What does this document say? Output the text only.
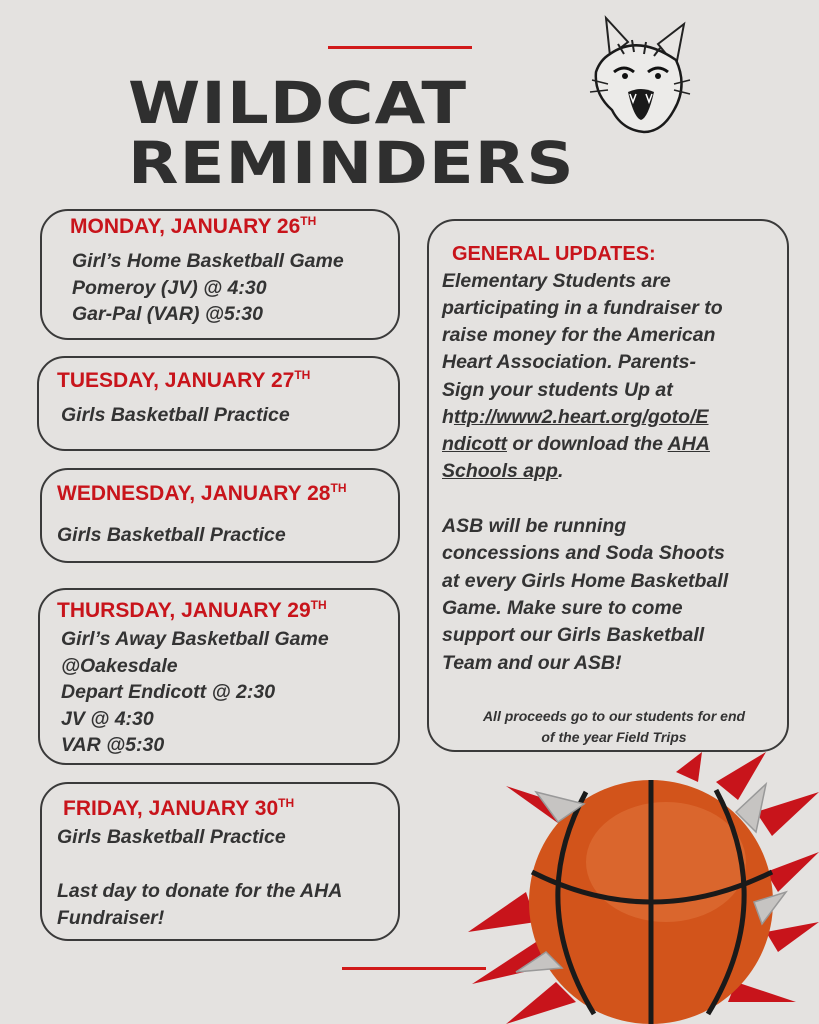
WILDCAT
REMINDERS
MONDAY, JANUARY 26TH
Girl’s Home Basketball Game
Pomeroy (JV) @ 4:30
Gar-Pal (VAR) @5:30
TUESDAY, JANUARY 27TH
Girls Basketball Practice
WEDNESDAY, JANUARY 28TH
Girls Basketball Practice
THURSDAY, JANUARY 29TH
Girl’s Away Basketball Game
@Oakesdale
Depart Endicott @ 2:30
JV @ 4:30
VAR @5:30
FRIDAY, JANUARY 30TH
Girls Basketball Practice
Last day to donate for the AHA
Fundraiser!
GENERAL UPDATES:
Elementary Students are
participating in a fundraiser to
raise money for the American
Heart Association. Parents-
Sign your students Up at
http://www2.heart.org/goto/E
ndicott or download the AHA
Schools app.
ASB will be running
concessions and Soda Shoots
at every Girls Home Basketball
Game. Make sure to come
support our Girls Basketball
Team and our ASB!
All proceeds go to our students for end
of the year Field Trips
